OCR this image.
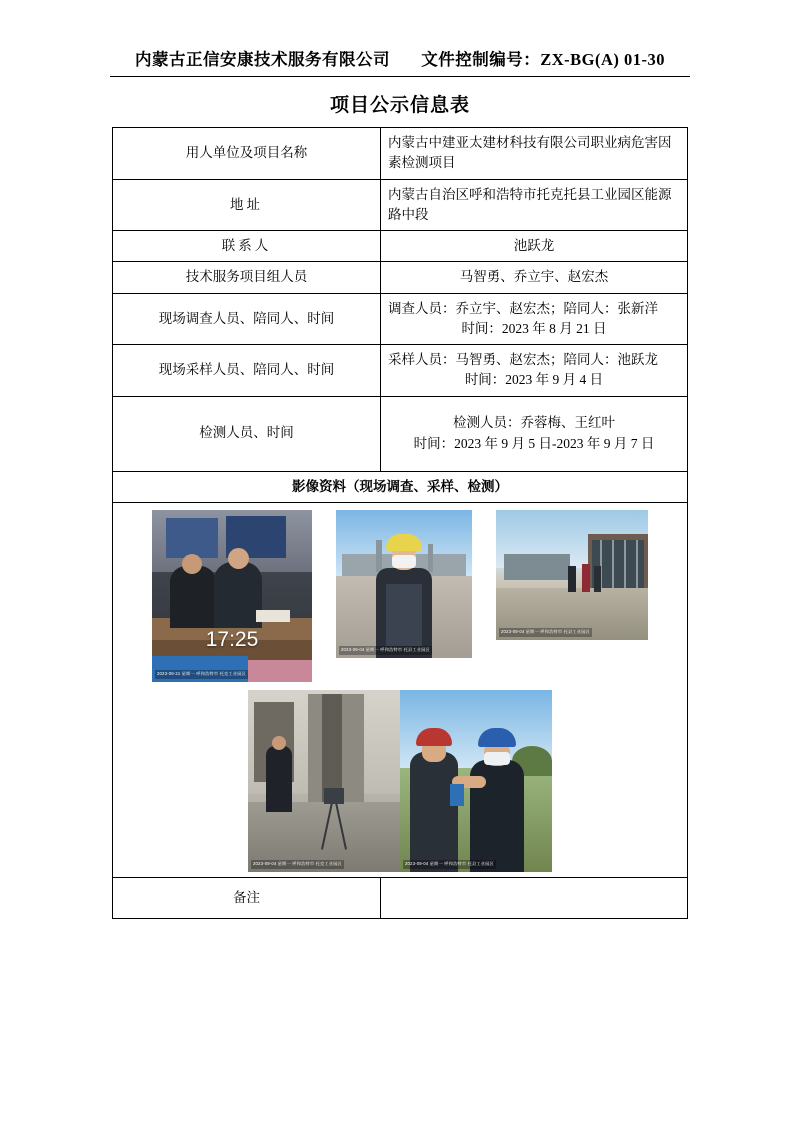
内蒙古正信安康技术服务有限公司 文件控制编号：ZX-BG(A) 01-30
项目公示信息表
用人单位及项目名称	内蒙古中建亚太建材科技有限公司职业病危害因素检测项目
地址	内蒙古自治区呼和浩特市托克托县工业园区能源路中段
联系人	池跃龙
技术服务项目组人员	马智勇、乔立宇、赵宏杰
现场调查人员、陪同人、时间	调查人员：乔立宇、赵宏杰；陪同人：张新洋
时间：2023 年 8 月 21 日

现场采样人员、陪同人、时间	采样人员：马智勇、赵宏杰；陪同人：池跃龙
时间：2023 年 9 月 4 日

检测人员、时间	检测人员：乔蓉梅、王红叶
时间：2023 年 9 月 5 日-2023 年 9 月 7 日

影像资料（现场调查、采样、检测）	

17:25
2023-08-21 星期一 呼和浩特市 托克工业园区
2023-09-04 星期一 呼和浩特市 托县工业园区
2023-09-04 星期一 呼和浩特市 托县工业园区
2023-09-04 星期一 呼和浩特市 托克工业园区	2023-09-04 星期一 呼和浩特市 托县工业园区

备注	
